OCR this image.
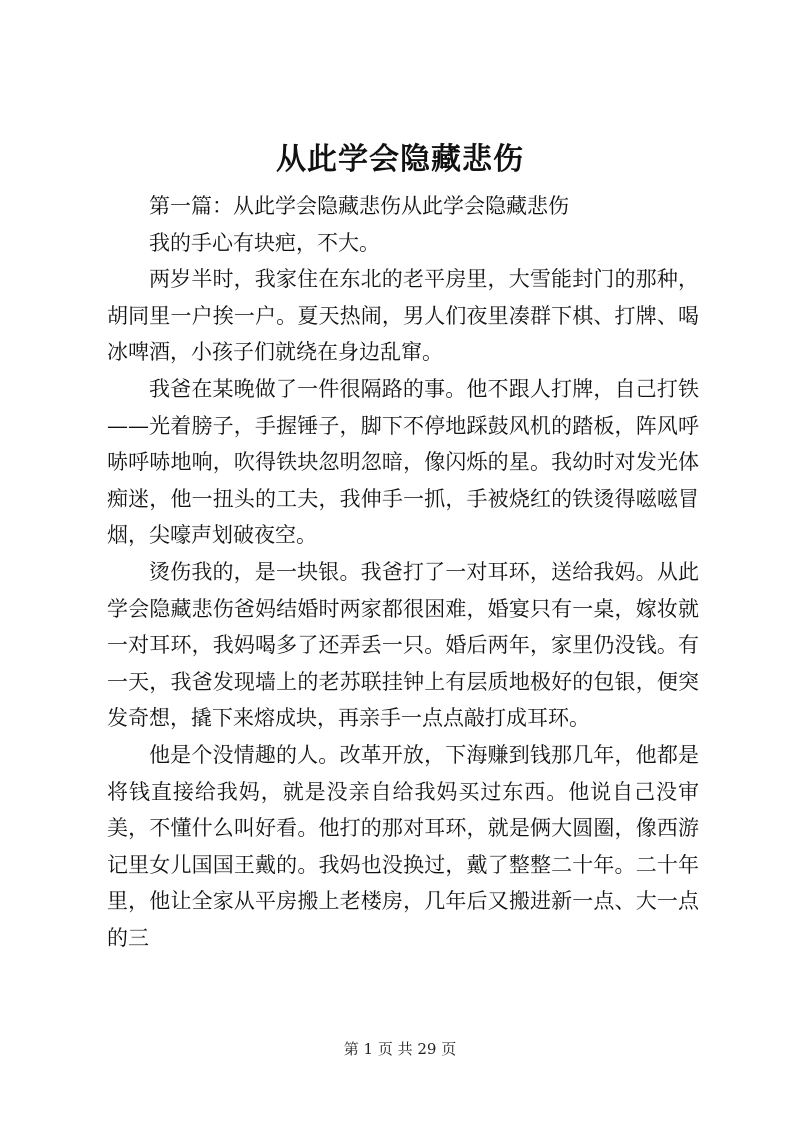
从此学会隐藏悲伤

第一篇：从此学会隐藏悲伤从此学会隐藏悲伤

我的手心有块疤，不大。

两岁半时，我家住在东北的老平房里，大雪能封门的那种，胡同里一户挨一户。夏天热闹，男人们夜里凑群下棋、打牌、喝冰啤酒，小孩子们就绕在身边乱窜。

我爸在某晚做了一件很隔路的事。他不跟人打牌，自己打铁——光着膀子，手握锤子，脚下不停地踩鼓风机的踏板，阵风呼哧呼哧地响，吹得铁块忽明忽暗，像闪烁的星。我幼时对发光体痴迷，他一扭头的工夫，我伸手一抓，手被烧红的铁烫得嗞嗞冒烟，尖嚎声划破夜空。

烫伤我的，是一块银。我爸打了一对耳环，送给我妈。从此学会隐藏悲伤爸妈结婚时两家都很困难，婚宴只有一桌，嫁妆就一对耳环，我妈喝多了还弄丢一只。婚后两年，家里仍没钱。有一天，我爸发现墙上的老苏联挂钟上有层质地极好的包银，便突发奇想，撬下来熔成块，再亲手一点点敲打成耳环。

他是个没情趣的人。改革开放，下海赚到钱那几年，他都是将钱直接给我妈，就是没亲自给我妈买过东西。他说自己没审美，不懂什么叫好看。他打的那对耳环，就是俩大圆圈，像西游记里女儿国国王戴的。我妈也没换过，戴了整整二十年。二十年里，他让全家从平房搬上老楼房，几年后又搬进新一点、大一点的三

第 1 页 共 29 页
